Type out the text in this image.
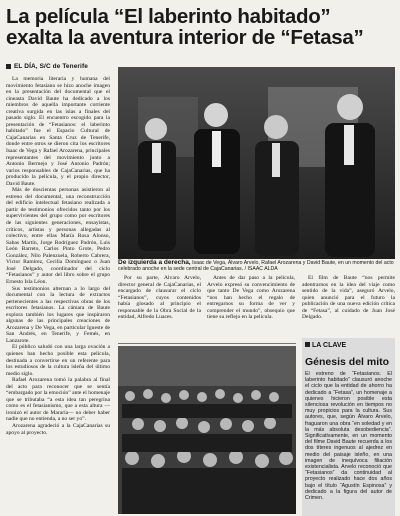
La película “El laberinto habitado”
exalta la aventura interior de “Fetasa”
EL DÍA, S/C de Tenerife

La memoria literaria y humana del movimiento fetasiano se hizo anoche imagen en la presentación del documental que el cineasta David Baute ha dedicado a los miembros de aquella importante corriente creativa surgida en las islas a finales del pasado siglo. El encuentro escogido para la presentación de “Fetasianos: el laberinto habitado” fue el Espacio Cultural de CajaCanarias en Santa Cruz de Tenerife, donde entre otros se dieron cita los escritores Isaac de Vega y Rafael Arozarena, principales representantes del movimiento junto a Antonio Bermejo y José Antonio Padrón; varios responsables de CajaCanarias, que ha producido la película, y el propio director, David Baute.

Más de doscientas personas asistieron al estreno del documental, una reconstrucción del edificio intelectual fetasiano realizada a partir de testimonios ofrecidos tanto por los supervivientes del grupo como por escritores de las siguientes generaciones, ensayistas, críticos, artistas y personas allegadas al colectivo, entre ellas María Rosa Alonso, Sabas Martín, Jorge Rodríguez Padrón, Luis León Barreto, Carlos Pinto Grote, Pedro González, Nilo Palenzuela, Roberto Cabrera, Víctor Ramírez, Cecilia Domínguez o Juan José Delgado, coordinador del ciclo “Fetasianos” y autor del libro sobre el grupo Ernesto Isla Léon.

Sus testimonios alternan a lo largo del documental con la lectura de extractos pertenecientes a las respectivas obras de los escritores fetasianos. La cámara de Baute explora también los lugares que inspiraron algunas de las principales creaciones de Arozarena y De Vega, en particular Igueste de San Andrés, en Tenerife, y Femés, en Lanzarote.

El público saludó con una larga ovación a quienes han hecho posible esta película, destinada a convertirse en un referente para los estudiosos de la cultura isleña del último medio siglo.

Rafael Arozarena tomó la palabra al final del acto para reconocer que se sentía “embargado por la emoción” ante el homenaje que se tributaba “a esta idea tan peregrina como es el fetasianismo, que a esta altura —ironizó el autor de Mararía— no deber haber nadie que no entienda, a no ser yo”.

Arozarena agradeció a la CajaCanarias su apoyo al proyecto.

De izquierda a derecha, Isaac de Vega, Álvaro Arvelo, Rafael Arozarena y David Baute, en un momento del acto celebrado anoche en la sede central de CajaCanarias. / ISAAC ALDA

Por su parte, Álvaro Arvelo, director general de CajaCanarias, el encargado de clausurar el ciclo “Fetasianos”, cuyos contenidos había glosado al principio el responsable de la Obra Social de la entidad, Alfredo Luaces.

Antes de dar paso a la película, Arvelo expresó su convencimiento de que tanto De Vega como Arozarena “nos han hecho el regalo de entregarnos su forma de ver y comprender el mundo”, obsequio que tiene su reflejo en la película.

El film de Baute “nos permite adentrarnos en la idea del viaje como sentido de la vida”, aseguró Arvelo, quien anunció para el futuro la publicación de una nueva edición crítica de “Fetasa”, al cuidado de Juan José Delgado.

LA CLAVE
Génesis del mito

El estreno de “Fetasianos. El laberinto habitado” clausuró anoche el ciclo que la entidad de ahorro ha dedicado a “Fetasa”, un homenaje a quienes hicieron posible esta silenciosa revolución en tiempos no muy propicios para la cultura. Sus autores, que, según Álvaro Arvelo, fraguaron una obra “en soledad y en la más absoluta desobediencia”. Significativamente, en un momento del filme David Baute recuerda a los dos títeres ingenuos al ajedrez en medio del paisaje isleño, en una imagen de inequívoca filiación existencialista. Arvelo reconoció que “Fetasianos” da continuidad al proyecto realizado hace dos años bajo el título “Agustín Espinosa” y dedicado a la figura del autor de Crimen.
